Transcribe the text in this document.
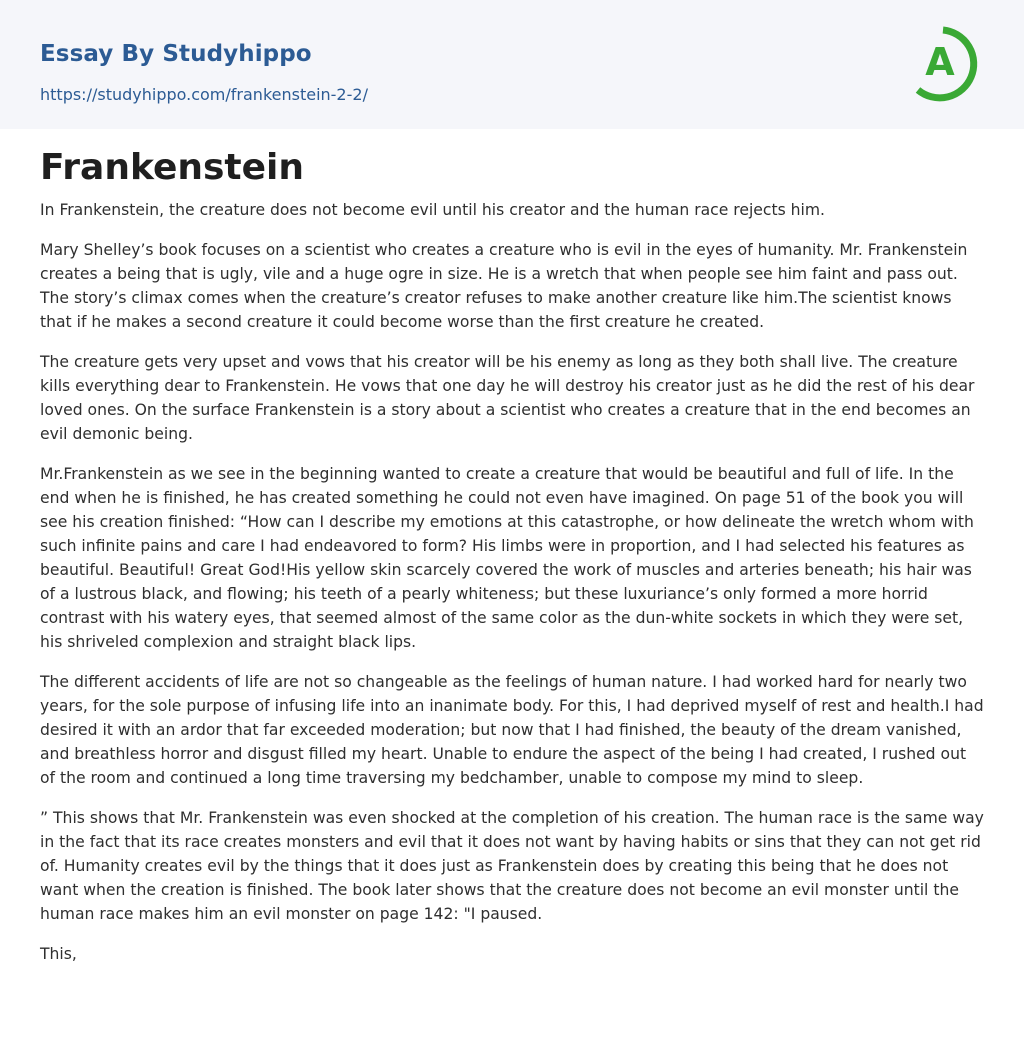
Essay By Studyhippo
https://studyhippo.com/frankenstein-2-2/
A
Frankenstein

In Frankenstein, the creature does not become evil until his creator and the human race rejects him.

Mary Shelley’s book focuses on a scientist who creates a creature who is evil in the eyes of humanity. Mr. Frankenstein creates a being that is ugly, vile and a huge ogre in size. He is a wretch that when people see him faint and pass out. The story’s climax comes when the creature’s creator refuses to make another creature like him.The scientist knows that if he makes a second creature it could become worse than the first creature he created.

The creature gets very upset and vows that his creator will be his enemy as long as they both shall live. The creature kills everything dear to Frankenstein. He vows that one day he will destroy his creator just as he did the rest of his dear loved ones. On the surface Frankenstein is a story about a scientist who creates a creature that in the end becomes an evil demonic being.

Mr.Frankenstein as we see in the beginning wanted to create a creature that would be beautiful and full of life. In the end when he is finished, he has created something he could not even have imagined. On page 51 of the book you will see his creation finished: “How can I describe my emotions at this catastrophe, or how delineate the wretch whom with such infinite pains and care I had endeavored to form? His limbs were in proportion, and I had selected his features as beautiful. Beautiful! Great God!His yellow skin scarcely covered the work of muscles and arteries beneath; his hair was of a lustrous black, and flowing; his teeth of a pearly whiteness; but these luxuriance’s only formed a more horrid contrast with his watery eyes, that seemed almost of the same color as the dun-white sockets in which they were set, his shriveled complexion and straight black lips.

The different accidents of life are not so changeable as the feelings of human nature. I had worked hard for nearly two years, for the sole purpose of infusing life into an inanimate body. For this, I had deprived myself of rest and health.I had desired it with an ardor that far exceeded moderation; but now that I had finished, the beauty of the dream vanished, and breathless horror and disgust filled my heart. Unable to endure the aspect of the being I had created, I rushed out of the room and continued a long time traversing my bedchamber, unable to compose my mind to sleep.

” This shows that Mr. Frankenstein was even shocked at the completion of his creation. The human race is the same way in the fact that its race creates monsters and evil that it does not want by having habits or sins that they can not get rid of. Humanity creates evil by the things that it does just as Frankenstein does by creating this being that he does not want when the creation is finished. The book later shows that the creature does not become an evil monster until the human race makes him an evil monster on page 142: "I paused.

This,
